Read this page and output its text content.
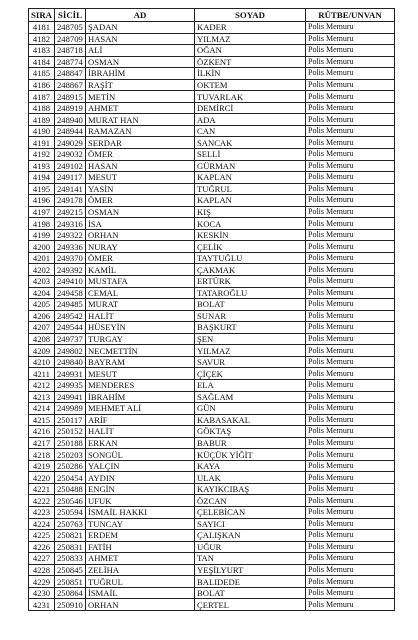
SIRA	SİCİL	AD	SOYAD	RÜTBE/UNVAN
4181	248705	ŞADAN	KADER	Polis Memuru
4182	248709	HASAN	YILMAZ	Polis Memuru
4183	248718	ALİ	OĞAN	Polis Memuru
4184	248774	OSMAN	ÖZKENT	Polis Memuru
4185	248847	İBRAHİM	İLKİN	Polis Memuru
4186	248867	RAŞİT	OKTEM	Polis Memuru
4187	248915	METİN	TUVARLAK	Polis Memuru
4188	248919	AHMET	DEMİRCİ	Polis Memuru
4189	248940	MURAT HAN	ADA	Polis Memuru
4190	248944	RAMAZAN	CAN	Polis Memuru
4191	249029	SERDAR	SANCAK	Polis Memuru
4192	249032	ÖMER	SELLİ	Polis Memuru
4193	249102	HASAN	GÜRMAN	Polis Memuru
4194	249117	MESUT	KAPLAN	Polis Memuru
4195	249141	YASİN	TUĞRUL	Polis Memuru
4196	249178	ÖMER	KAPLAN	Polis Memuru
4197	249215	OSMAN	KIŞ	Polis Memuru
4198	249316	İSA	KOCA	Polis Memuru
4199	249322	ORHAN	KESKİN	Polis Memuru
4200	249336	NURAY	ÇELİK	Polis Memuru
4201	249370	ÖMER	TAYTUĞLU	Polis Memuru
4202	249392	KAMİL	ÇAKMAK	Polis Memuru
4203	249410	MUSTAFA	ERTÜRK	Polis Memuru
4204	249458	CEMAL	TATAROĞLU	Polis Memuru
4205	249485	MURAT	BOLAT	Polis Memuru
4206	249542	HALİT	SUNAR	Polis Memuru
4207	249544	HÜSEYİN	BAŞKURT	Polis Memuru
4208	249737	TURGAY	ŞEN	Polis Memuru
4209	249802	NECMETTİN	YILMAZ	Polis Memuru
4210	249840	BAYRAM	SAVUR	Polis Memuru
4211	249931	MESUT	ÇİÇEK	Polis Memuru
4212	249935	MENDERES	ELA	Polis Memuru
4213	249941	İBRAHİM	SAĞLAM	Polis Memuru
4214	249989	MEHMET ALİ	GÜN	Polis Memuru
4215	250117	ARİF	KABASAKAL	Polis Memuru
4216	250152	HALİT	GÖKTAŞ	Polis Memuru
4217	250188	ERKAN	BABUR	Polis Memuru
4218	250203	SONGÜL	KÜÇÜK YİĞİT	Polis Memuru
4219	250286	YALÇIN	KAYA	Polis Memuru
4220	250454	AYDIN	ULAK	Polis Memuru
4221	250488	ENGİN	KAYIKCIBAŞ	Polis Memuru
4222	250546	UFUK	ÖZCAN	Polis Memuru
4223	250594	İSMAİL HAKKI	ÇELEBİCAN	Polis Memuru
4224	250763	TUNCAY	SAYICI	Polis Memuru
4225	250821	ERDEM	ÇALIŞKAN	Polis Memuru
4226	250831	FATİH	UĞUR	Polis Memuru
4227	250833	AHMET	TAN	Polis Memuru
4228	250845	ZELİHA	YEŞİLYURT	Polis Memuru
4229	250851	TUĞRUL	BALIDEDE	Polis Memuru
4230	250864	İSMAİL	BOLAT	Polis Memuru
4231	250910	ORHAN	ÇERTEL	Polis Memuru
